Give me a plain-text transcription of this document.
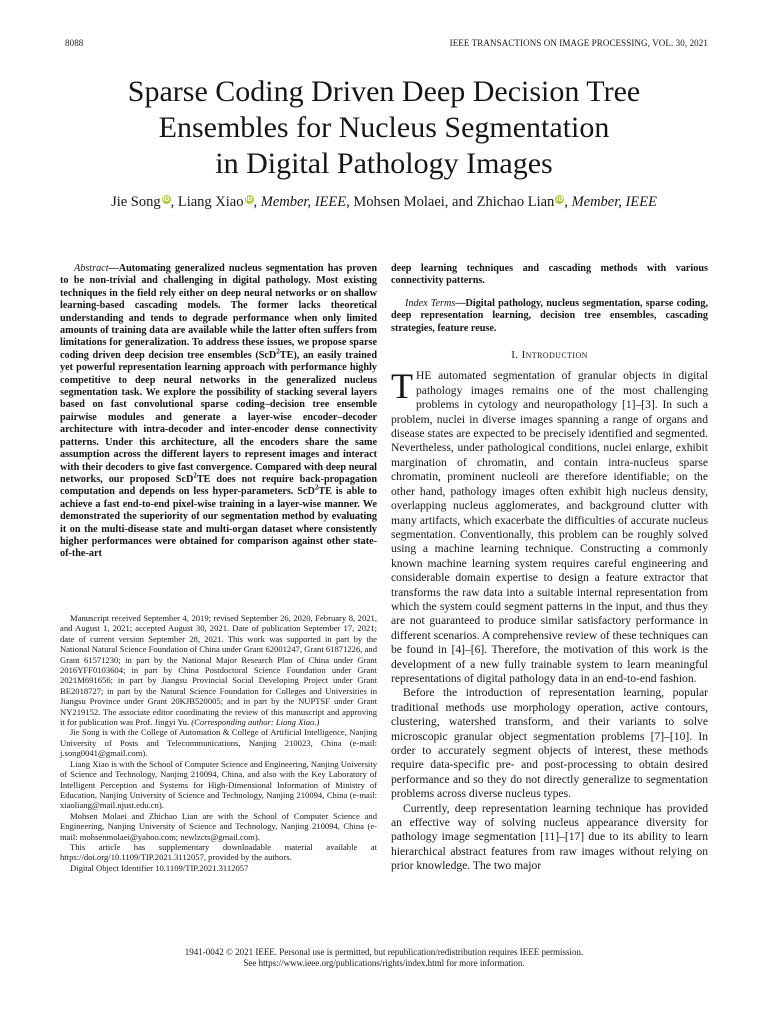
8088	IEEE TRANSACTIONS ON IMAGE PROCESSING, VOL. 30, 2021
Sparse Coding Driven Deep Decision Tree
Ensembles for Nucleus Segmentation
in Digital Pathology Images
Jie Song iD, Liang Xiao iD, Member, IEEE, Mohsen Molaei, and Zhichao Lian iD, Member, IEEE

Abstract—Automating generalized nucleus segmentation has proven to be non-trivial and challenging in digital pathology. Most existing techniques in the field rely either on deep neural networks or on shallow learning-based cascading models. The former lacks theoretical understanding and tends to degrade performance when only limited amounts of training data are available while the latter often suffers from limitations for generalization. To address these issues, we propose sparse coding driven deep decision tree ensembles (ScD$^2$TE), an easily trained yet powerful representation learning approach with performance highly competitive to deep neural networks in the generalized nucleus segmentation task. We explore the possibility of stacking several layers based on fast convolutional sparse coding–decision tree ensemble pairwise modules and generate a layer-wise encoder–decoder architecture with intra-decoder and inter-encoder dense connectivity patterns. Under this architecture, all the encoders share the same assumption across the different layers to represent images and interact with their decoders to give fast convergence. Compared with deep neural networks, our proposed ScD$^2$TE does not require back-propagation computation and depends on less hyper-parameters. ScD$^2$TE is able to achieve a fast end-to-end pixel-wise training in a layer-wise manner. We demonstrated the superiority of our segmentation method by evaluating it on the multi-disease state and multi-organ dataset where consistently higher performances were obtained for comparison against other state-of-the-art

Manuscript received September 4, 2019; revised September 26, 2020, February 8, 2021, and August 1, 2021; accepted August 30, 2021. Date of publication September 17, 2021; date of current version September 28, 2021. This work was supported in part by the National Natural Science Foundation of China under Grant 62001247, Grant 61871226, and Grant 61571230; in part by the National Major Research Plan of China under Grant 2016YFF0103604; in part by China Postdoctoral Science Foundation under Grant 2021M691656; in part by Jiangsu Provincial Social Developing Project under Grant BE2018727; in part by the Natural Science Foundation for Colleges and Universities in Jiangsu Province under Grant 20KJB520005; and in part by the NUPTSF under Grant NY219152. The associate editor coordinating the review of this manuscript and approving it for publication was Prof. Jingyi Yu. (Corresponding author: Liang Xiao.)

Jie Song is with the College of Automation & College of Artificial Intelligence, Nanjing University of Posts and Telecommunications, Nanjing 210023, China (e-mail: j.song0041@gmail.com).

Liang Xiao is with the School of Computer Science and Engineering, Nanjing University of Science and Technology, Nanjing 210094, China, and also with the Key Laboratory of Intelligent Perception and Systems for High-Dimensional Information of Ministry of Education, Nanjing University of Science and Technology, Nanjing 210094, China (e-mail: xiaoliang@mail.njust.edu.cn).

Mohsen Molaei and Zhichao Lian are with the School of Computer Science and Engineering, Nanjing University of Science and Technology, Nanjing 210094, China (e-mail: mohsenmolaei@yahoo.com; newlzcts@gmail.com).

This article has supplementary downloadable material available at https://doi.org/10.1109/TIP.2021.3112057, provided by the authors.

Digital Object Identifier 10.1109/TIP.2021.3112057

deep learning techniques and cascading methods with various connectivity patterns.

Index Terms—Digital pathology, nucleus segmentation, sparse coding, deep representation learning, decision tree ensembles, cascading strategies, feature reuse.

I. Introduction

THE automated segmentation of granular objects in digital pathology images remains one of the most challenging problems in cytology and neuropathology [1]–[3]. In such a problem, nuclei in diverse images spanning a range of organs and disease states are expected to be precisely identified and segmented. Nevertheless, under pathological conditions, nuclei enlarge, exhibit margination of chromatin, and contain intra-nucleus sparse chromatin, prominent nucleoli are therefore identifiable; on the other hand, pathology images often exhibit high nucleus density, overlapping nucleus agglomerates, and background clutter with many artifacts, which exacerbate the difficulties of accurate nucleus segmentation. Conventionally, this problem can be roughly solved using a machine learning technique. Constructing a commonly known machine learning system requires careful engineering and considerable domain expertise to design a feature extractor that transforms the raw data into a suitable internal representation from which the system could segment patterns in the input, and thus they are not guaranteed to produce similar satisfactory performance in different scenarios. A comprehensive review of these techniques can be found in [4]–[6]. Therefore, the motivation of this work is the development of a new fully trainable system to learn meaningful representations of digital pathology data in an end-to-end fashion.

Before the introduction of representation learning, popular traditional methods use morphology operation, active contours, clustering, watershed transform, and their variants to solve microscopic granular object segmentation problems [7]–[10]. In order to accurately segment objects of interest, these methods require data-specific pre- and post-processing to obtain desired performance and so they do not directly generalize to segmentation problems across diverse nucleus types.

Currently, deep representation learning technique has provided an effective way of solving nucleus appearance diversity for pathology image segmentation [11]–[17] due to its ability to learn hierarchical abstract features from raw images without relying on prior knowledge. The two major

1941-0042 © 2021 IEEE. Personal use is permitted, but republication/redistribution requires IEEE permission.
See https://www.ieee.org/publications/rights/index.html for more information.
